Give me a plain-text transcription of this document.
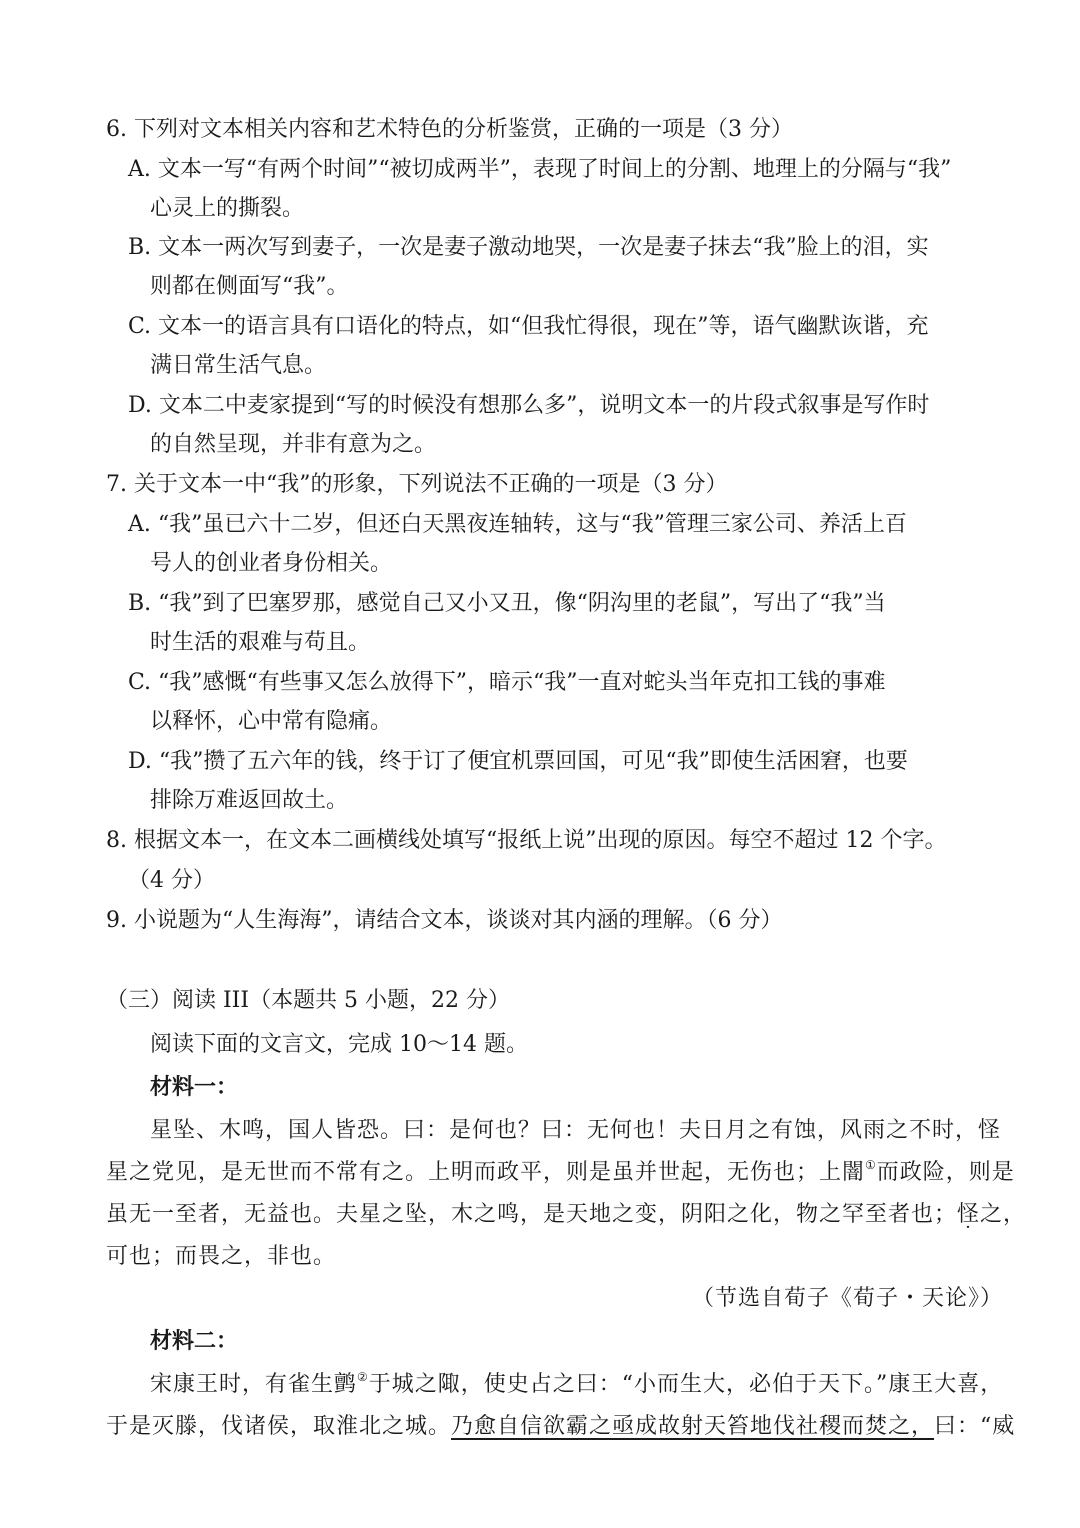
6. 下列对文本相关内容和艺术特色的分析鉴赏，正确的一项是（3 分）
A. 文本一写“有两个时间”“被切成两半”，表现了时间上的分割、地理上的分隔与“我”
心灵上的撕裂。
B. 文本一两次写到妻子，一次是妻子激动地哭，一次是妻子抹去“我”脸上的泪，实
则都在侧面写“我”。
C. 文本一的语言具有口语化的特点，如“但我忙得很，现在”等，语气幽默诙谐，充
满日常生活气息。
D. 文本二中麦家提到“写的时候没有想那么多”，说明文本一的片段式叙事是写作时
的自然呈现，并非有意为之。
7. 关于文本一中“我”的形象，下列说法不正确的一项是（3 分）
A. “我”虽已六十二岁，但还白天黑夜连轴转，这与“我”管理三家公司、养活上百
号人的创业者身份相关。
B. “我”到了巴塞罗那，感觉自己又小又丑，像“阴沟里的老鼠”，写出了“我”当
时生活的艰难与苟且。
C. “我”感慨“有些事又怎么放得下”，暗示“我”一直对蛇头当年克扣工钱的事难
以释怀，心中常有隐痛。
D. “我”攒了五六年的钱，终于订了便宜机票回国，可见“我”即使生活困窘，也要
排除万难返回故土。
8. 根据文本一，在文本二画横线处填写“报纸上说”出现的原因。每空不超过 12 个字。
（4 分）
9. 小说题为“人生海海”，请结合文本，谈谈对其内涵的理解。（6 分）
（三）阅读 III（本题共 5 小题，22 分）
阅读下面的文言文，完成 10～14 题。
材料一：
星坠、木鸣，国人皆恐。曰：是何也？曰：无何也！夫日月之有蚀，风雨之不时，怪
星之党见，是无世而不常有之。上明而政平，则是虽并世起，无伤也；上闇①而政险，则是
虽无一至者，无益也。夫星之坠，木之鸣，是天地之变，阴阳之化，物之罕至者也；怪之，
可也；而畏之，非也。
（节选自荀子《荀子・天论》）
材料二：
宋康王时，有雀生鹯②于城之陬，使史占之曰：“小而生大，必伯于天下。”康王大喜，
于是灭滕，伐诸侯，取淮北之城。乃愈自信欲霸之亟成故射天笞地伐社稷而焚之，曰：“威
